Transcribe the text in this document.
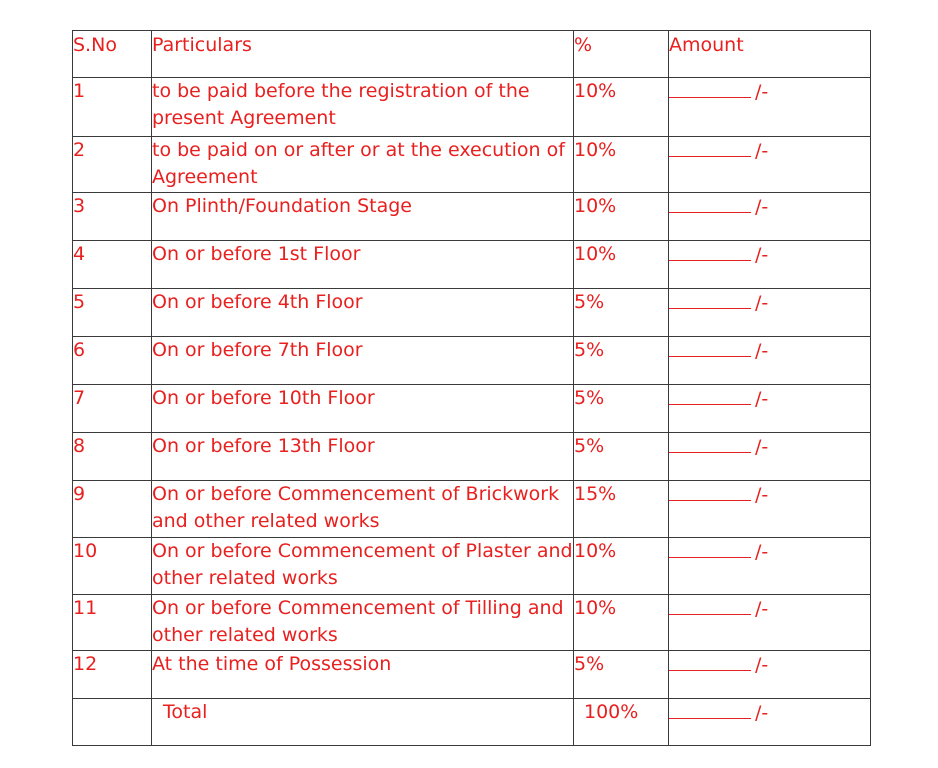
S.No	Particulars	%	Amount
1	to be paid before the registration of the present Agreement	10%	/-
2	to be paid on or after or at the execution of Agreement	10%	/-
3	On Plinth/Foundation Stage	10%	/-
4	On or before 1st Floor	10%	/-
5	On or before 4th Floor	5%	/-
6	On or before 7th Floor	5%	/-
7	On or before 10th Floor	5%	/-
8	On or before 13th Floor	5%	/-
9	On or before Commencement of Brickwork and other related works	15%	/-
10	On or before Commencement of Plaster and other related works	10%	/-
11	On or before Commencement of Tilling and other related works	10%	/-
12	At the time of Possession	5%	/-
	Total	100%	/-
